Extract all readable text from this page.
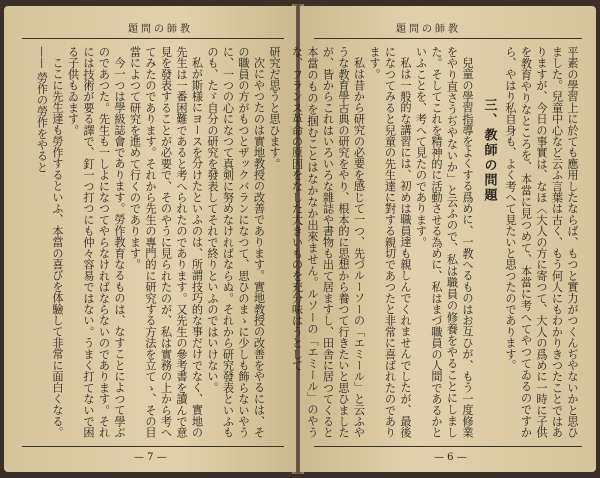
題問の師教

研究だ思うと思ひます。

次にやつたのは實地教授の改善であります。實地教授の改善をやるには、その職員の方がもつとザックバランになつて、思ひのまゝに少しも飾らないやうに、一つの心になつて真剣に努めなければならぬ。それから研究發表といふものも、たゞ自分の研究を發表してそれで終りといふのではいけない。

私が斯様にヨースを分けたといふのは、所謂技巧的な事だけでなく、實地の先生は一番困難であると考へられたのであります。又先生の參考書を讀んで意見を發表することが必要で、そのやうに見られたのが、私は實務の上から考へてみたのであります。それから先生の專門的に研究する方法を立てゝ、その目當によつて研究を進めて行くのであります。

今一つは學級誌會であります。勞作教育なるものは、なすことによつて學ぶのであつた。先生も一しよになつてやらなければならないのであります。それには技術が要る譯で、釘一つ打つにも仲々容易ではない。うまく打てないで困る子供もゐます。

ここに先生達も勞作するといふ、本當の喜びを体驗して非常に面白くなる。—— 勞作の勞作をやると

— 7 —
題問の師教

平素の學習上に於ても應用したならば、もつと實力がつくんぢやないかと思ひました。兒童中心など云ふ言葉は古く、もう何人にもわかりきつたことではありますが、今日の事實は、なほ〈大人の方に寄つて、大人の爲めに一時に子供を教育やりなところを、本當に見つめて、本當に考へてやつてゐるのですから、やはり私自身も、よく考へて見たいと思つたのであります。

三、教師の問題

兒童の學習指導をよくする爲めに、一教へるものはお互ひが、もう一度修業をやり直さうぢやないか」と云ふので、私は職員の修養をやることにしました。そしてこれを精神的に活動させる為めに、私はまづ職員の人間であるかといふことを、考へて見たのであります。

私は一般的な講習には、初めは職員達も親しんでくれませんでしたが、最後になつてみると兒童の先生達に對する親切であつたと非常に喜ばれたのであります。

私は昔から研究の必要を感じて一つ、先づルーソーの「エミール」と云ふやうな教育學古典の研究をやり、根本的に思想から養つて行きたいと思ひましたが、皆からこれはいろいろな雜誌や書物も出て居ますし、田舎に居つてくると本當のものを掴むことはなかなか出來ません。ルソーの「エミール」のやうな、フランス革命の原因をなした大きいものを充分味はうとして

— 6 —
